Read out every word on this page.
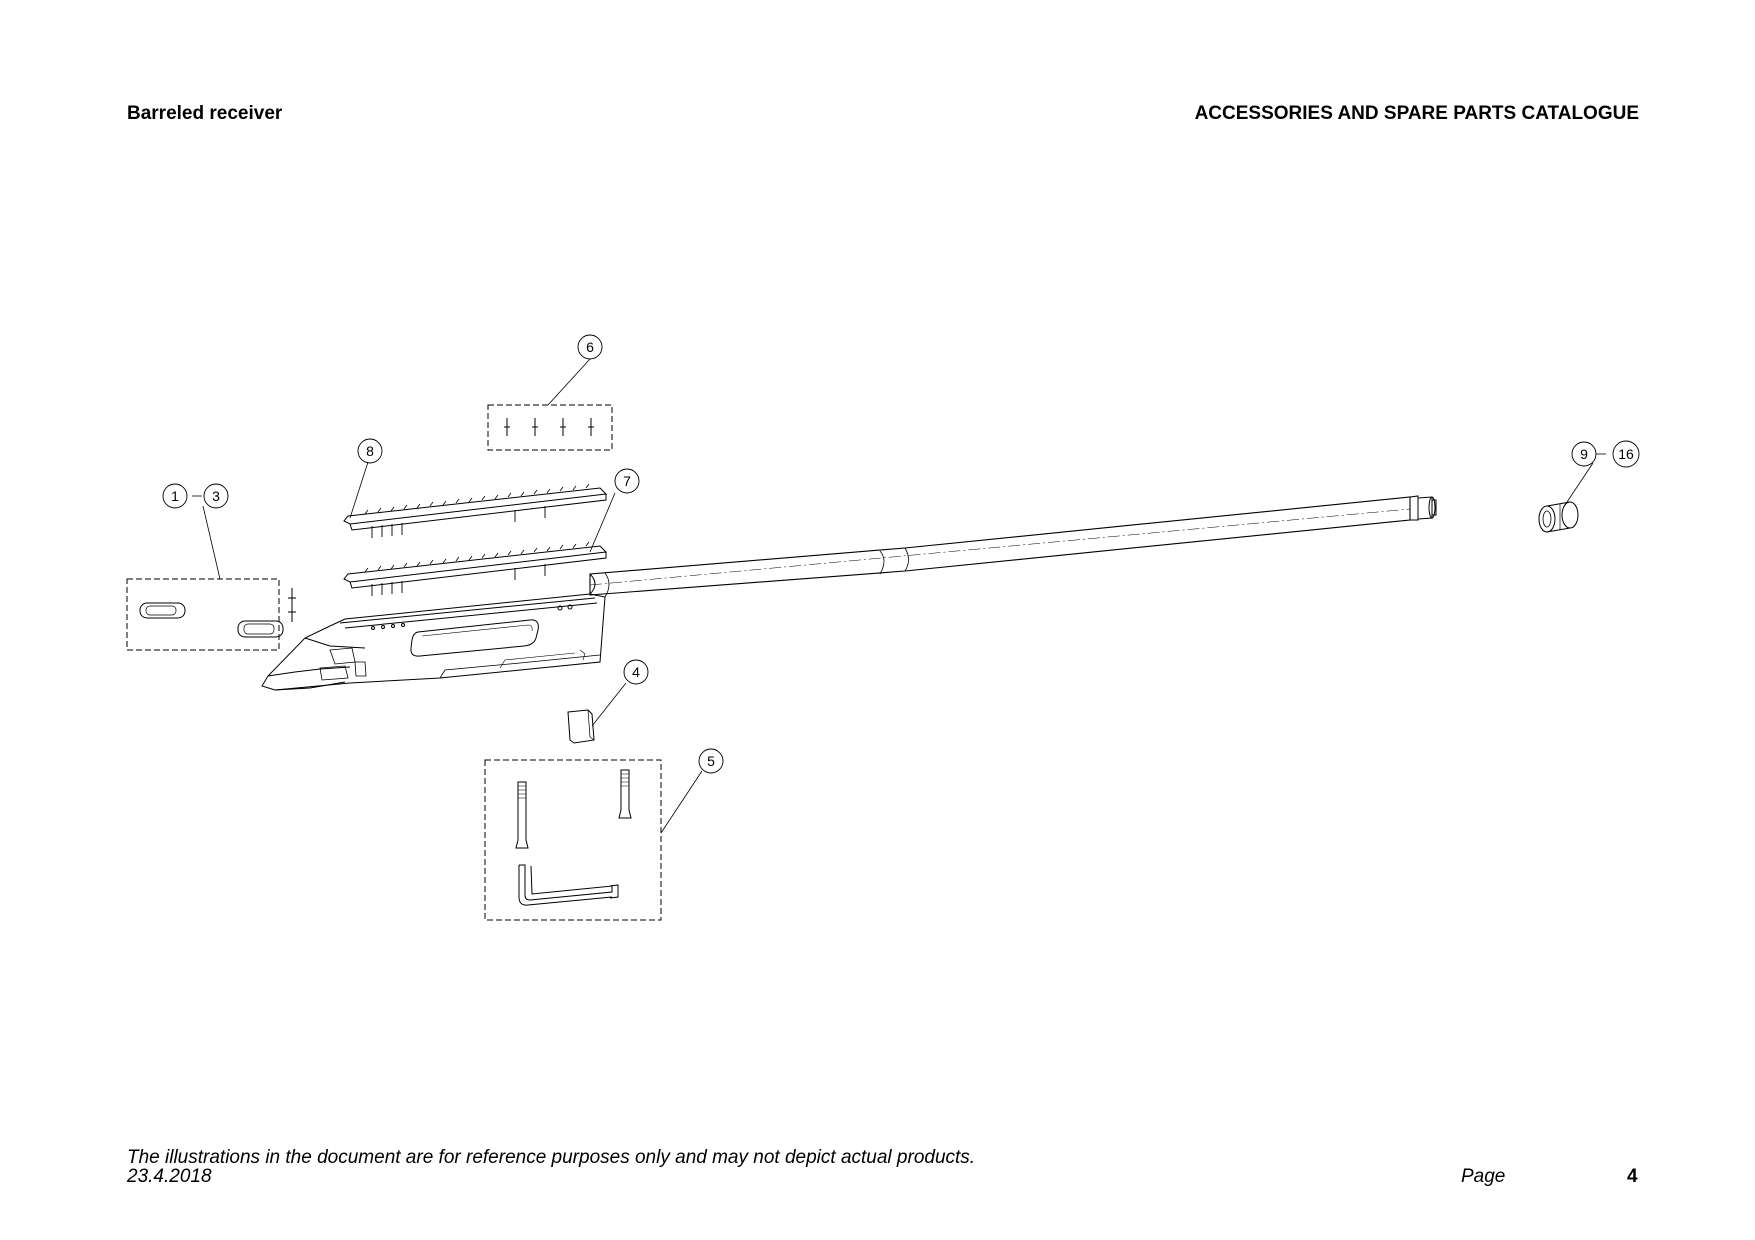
Barreled receiver	ACCESSORIES AND SPARE PARTS CATALOGUE
6
8
7
1 3
4
5
9 16
The illustrations in the document are for reference purposes only and may not depict actual products.
23.4.2018	Page	4
